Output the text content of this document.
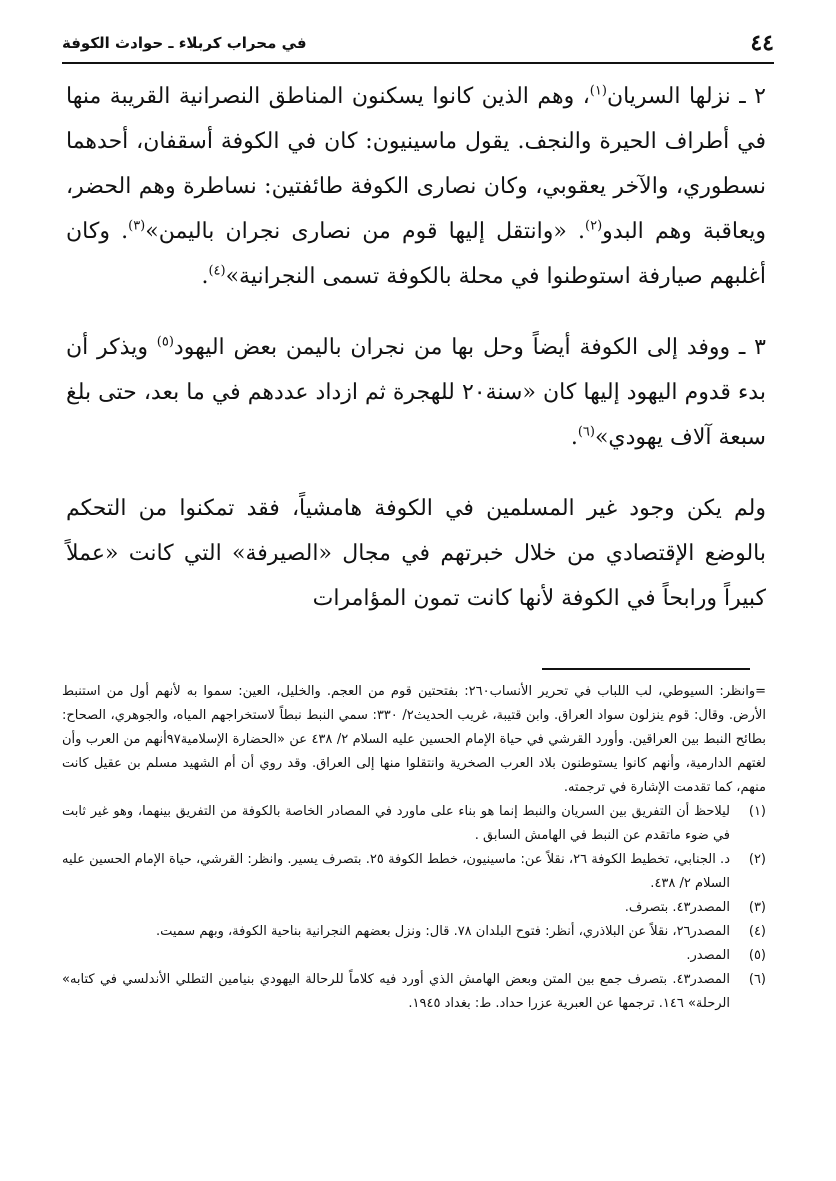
٤٤
في محراب كربلاء ـ حوادث الكوفة

٢ ـ نزلها السريان$^{(١)}$، وهم الذين كانوا يسكنون المناطق النصرانية القريبة منها في أطراف الحيرة والنجف. يقول ماسينيون: كان في الكوفة أسقفان، أحدهما نسطوري، والآخر يعقوبي، وكان نصارى الكوفة طائفتين: نساطرة وهم الحضر، ويعاقبة وهم البدو$^{(٢)}$. «وانتقل إليها قوم من نصارى نجران باليمن»$^{(٣)}$. وكان أغلبهم صيارفة استوطنوا في محلة بالكوفة تسمى النجرانية»$^{(٤)}$.

٣ ـ ووفد إلى الكوفة أيضاً وحل بها من نجران باليمن بعض اليهود$^{(٥)}$ ويذكر أن بدء قدوم اليهود إليها كان «سنة٢٠ للهجرة ثم ازداد عددهم في ما بعد، حتى بلغ سبعة آلاف يهودي»$^{(٦)}$.

ولم يكن وجود غير المسلمين في الكوفة هامشياً، فقد تمكنوا من التحكم بالوضع الإقتصادي من خلال خبرتهم في مجال «الصيرفة» التي كانت «عملاً كبيراً ورابحاً في الكوفة لأنها كانت تمون المؤامرات

=وانظر: السيوطي، لب اللباب في تحرير الأنساب٢٦٠: بفتحتين قوم من العجم. والخليل، العين: سموا به لأنهم أول من استنبط الأرض. وقال: قوم ينزلون سواد العراق. وابن قتيبة، غريب الحديث٢/ ٣٣٠: سمي النبط نبطاً لاستخراجهم المياه، والجوهري، الصحاح: بطائح النبط بين العراقين. وأورد القرشي في حياة الإمام الحسين عليه السلام ٢/ ٤٣٨ عن «الحضارة الإسلامية٩٧أنهم من العرب وأن لغتهم الدارمية، وأنهم كانوا يستوطنون بلاد العرب الصخرية وانتقلوا منها إلى العراق. وقد روي أن أم الشهيد مسلم بن عقيل كانت منهم، كما تقدمت الإشارة في ترجمته.

(١)
ليلاحظ أن التفريق بين السريان والنبط إنما هو بناء على ماورد في المصادر الخاصة بالكوفة من التفريق بينهما، وهو غير ثابت في ضوء ماتقدم عن النبط في الهامش السابق .

(٢)
د. الجنابي، تخطيط الكوفة ٢٦، نقلاً عن: ماسينيون، خطط الكوفة ٢٥. بتصرف يسير. وانظر: القرشي، حياة الإمام الحسين عليه السلام ٢/ ٤٣٨.

(٣)
المصدر٤٣. بتصرف.

(٤)
المصدر٢٦، نقلاً عن البلاذري، أنظر: فتوح البلدان ٧٨. قال: ونزل بعضهم النجرانية بناحية الكوفة، وبهم سميت.

(٥)
المصدر.

(٦)
المصدر٤٣. بتصرف جمع بين المتن وبعض الهامش الذي أورد فيه كلاماً للرحالة اليهودي بنيامين التطلي الأندلسي في كتابه» الرحلة» ١٤٦. ترجمها عن العبرية عزرا حداد. ط: بغداد ١٩٤٥.
